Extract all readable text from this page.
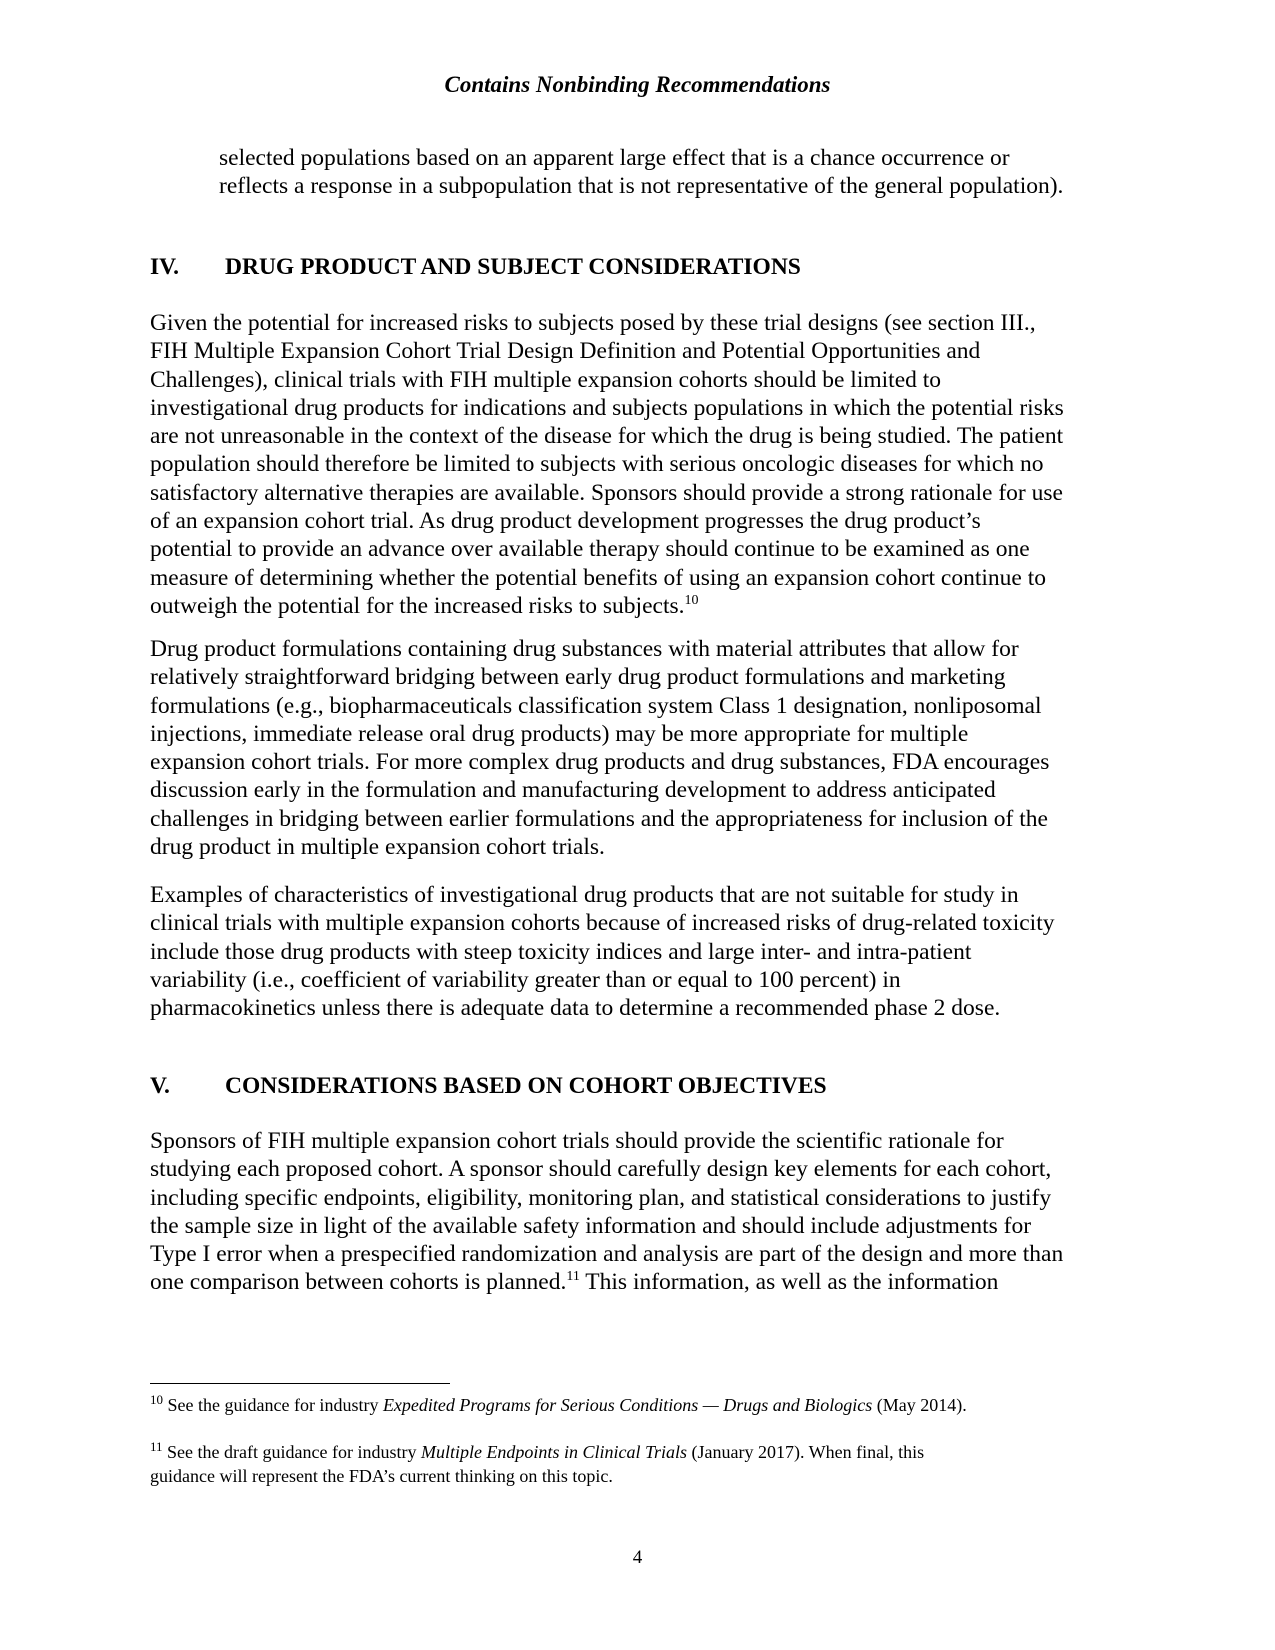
Contains Nonbinding Recommendations
selected populations based on an apparent large effect that is a chance occurrence or
reflects a response in a subpopulation that is not representative of the general population).
IV. DRUG PRODUCT AND SUBJECT CONSIDERATIONS
Given the potential for increased risks to subjects posed by these trial designs (see section III.,
FIH Multiple Expansion Cohort Trial Design Definition and Potential Opportunities and
Challenges), clinical trials with FIH multiple expansion cohorts should be limited to
investigational drug products for indications and subjects populations in which the potential risks
are not unreasonable in the context of the disease for which the drug is being studied. The patient
population should therefore be limited to subjects with serious oncologic diseases for which no
satisfactory alternative therapies are available. Sponsors should provide a strong rationale for use
of an expansion cohort trial. As drug product development progresses the drug product’s
potential to provide an advance over available therapy should continue to be examined as one
measure of determining whether the potential benefits of using an expansion cohort continue to
outweigh the potential for the increased risks to subjects.$^{10}$
Drug product formulations containing drug substances with material attributes that allow for
relatively straightforward bridging between early drug product formulations and marketing
formulations (e.g., biopharmaceuticals classification system Class 1 designation, nonliposomal
injections, immediate release oral drug products) may be more appropriate for multiple
expansion cohort trials. For more complex drug products and drug substances, FDA encourages
discussion early in the formulation and manufacturing development to address anticipated
challenges in bridging between earlier formulations and the appropriateness for inclusion of the
drug product in multiple expansion cohort trials.
Examples of characteristics of investigational drug products that are not suitable for study in
clinical trials with multiple expansion cohorts because of increased risks of drug-related toxicity
include those drug products with steep toxicity indices and large inter- and intra-patient
variability (i.e., coefficient of variability greater than or equal to 100 percent) in
pharmacokinetics unless there is adequate data to determine a recommended phase 2 dose.
V. CONSIDERATIONS BASED ON COHORT OBJECTIVES
Sponsors of FIH multiple expansion cohort trials should provide the scientific rationale for
studying each proposed cohort. A sponsor should carefully design key elements for each cohort,
including specific endpoints, eligibility, monitoring plan, and statistical considerations to justify
the sample size in light of the available safety information and should include adjustments for
Type I error when a prespecified randomization and analysis are part of the design and more than
one comparison between cohorts is planned.$^{11}$ This information, as well as the information
$^{10}$ See the guidance for industry Expedited Programs for Serious Conditions — Drugs and Biologics (May 2014).
$^{11}$ See the draft guidance for industry Multiple Endpoints in Clinical Trials (January 2017). When final, this
guidance will represent the FDA’s current thinking on this topic.
4
